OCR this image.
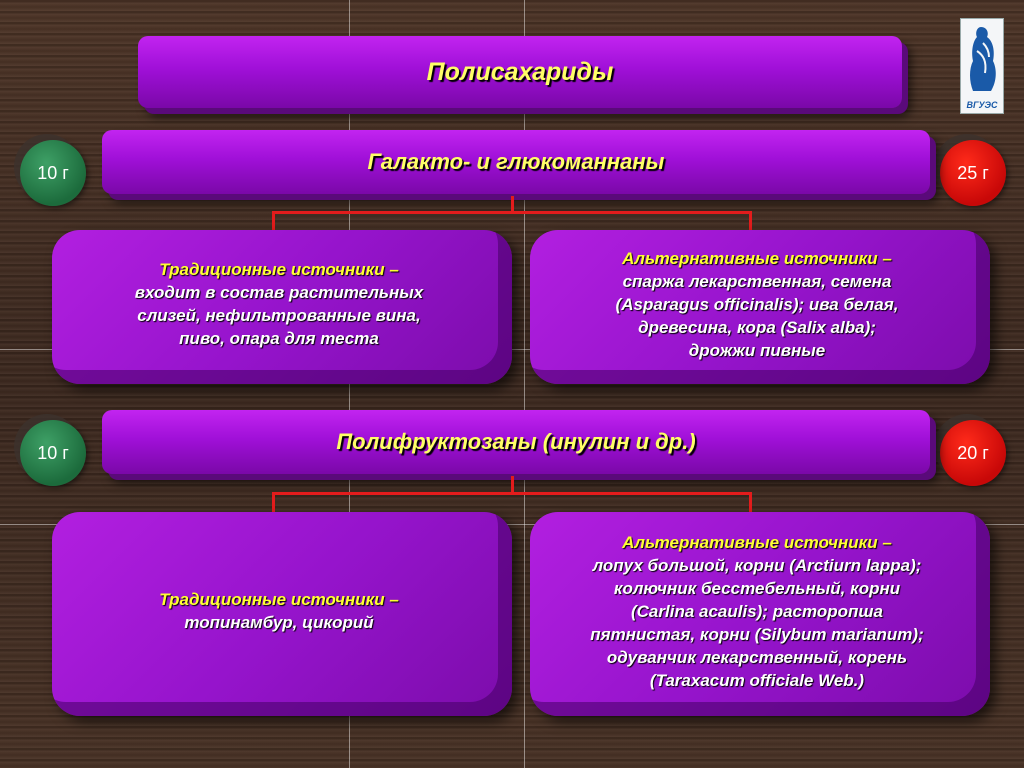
ВГУЭС
Полисахариды
10 г	25 г
Галакто- и глюкоманнаны
Традиционные источники –
входит в состав растительных
слизей, нефильтрованные вина,
пиво, опара для теста
Альтернативные источники –
спаржа лекарственная, семена
(Asparagus officinalis); ива белая,
древесина, кора (Salix alba);
дрожжи пивные
10 г	20 г
Полифруктозаны (инулин и др.)
Традиционные источники –
топинамбур, цикорий
Альтернативные источники –
лопух большой, корни (Arctiurn lappa);
колючник бесстебельный, корни
(Carlina acaulis); расторопша
пятнистая, корни (Silybum marianum);
одуванчик лекарственный, корень
(Taraxacum officiale Web.)
